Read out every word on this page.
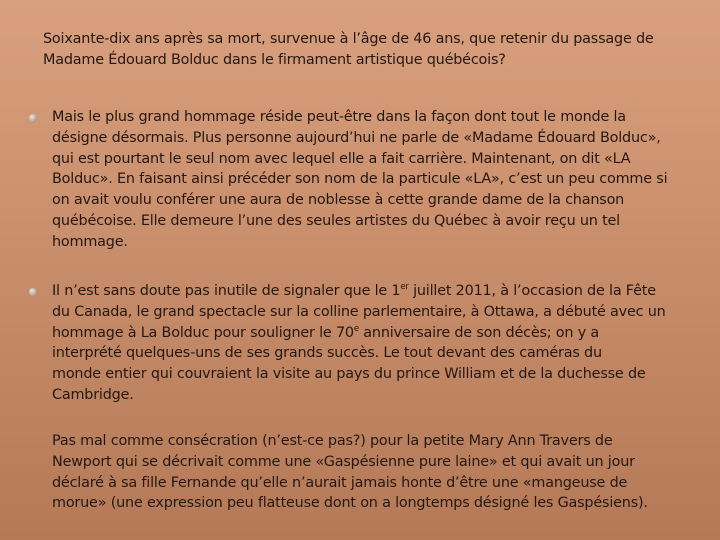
Soixante-dix ans après sa mort, survenue à l’âge de 46 ans, que retenir du passage de
Madame Édouard Bolduc dans le firmament artistique québécois?
Mais le plus grand hommage réside peut-être dans la façon dont tout le monde la
désigne désormais. Plus personne aujourd’hui ne parle de «Madame Édouard Bolduc»,
qui est pourtant le seul nom avec lequel elle a fait carrière. Maintenant, on dit «LA
Bolduc». En faisant ainsi précéder son nom de la particule «LA», c’est un peu comme si
on avait voulu conférer une aura de noblesse à cette grande dame de la chanson
québécoise. Elle demeure l’une des seules artistes du Québec à avoir reçu un tel
hommage.
Il n’est sans doute pas inutile de signaler que le 1er juillet 2011, à l’occasion de la Fête
du Canada, le grand spectacle sur la colline parlementaire, à Ottawa, a débuté avec un
hommage à La Bolduc pour souligner le 70e anniversaire de son décès; on y a
interprété quelques-uns de ses grands succès. Le tout devant des caméras du
monde entier qui couvraient la visite au pays du prince William et de la duchesse de
Cambridge.
Pas mal comme consécration (n’est-ce pas?) pour la petite Mary Ann Travers de
Newport qui se décrivait comme une «Gaspésienne pure laine» et qui avait un jour
déclaré à sa fille Fernande qu’elle n’aurait jamais honte d’être une «mangeuse de
morue» (une expression peu flatteuse dont on a longtemps désigné les Gaspésiens).
